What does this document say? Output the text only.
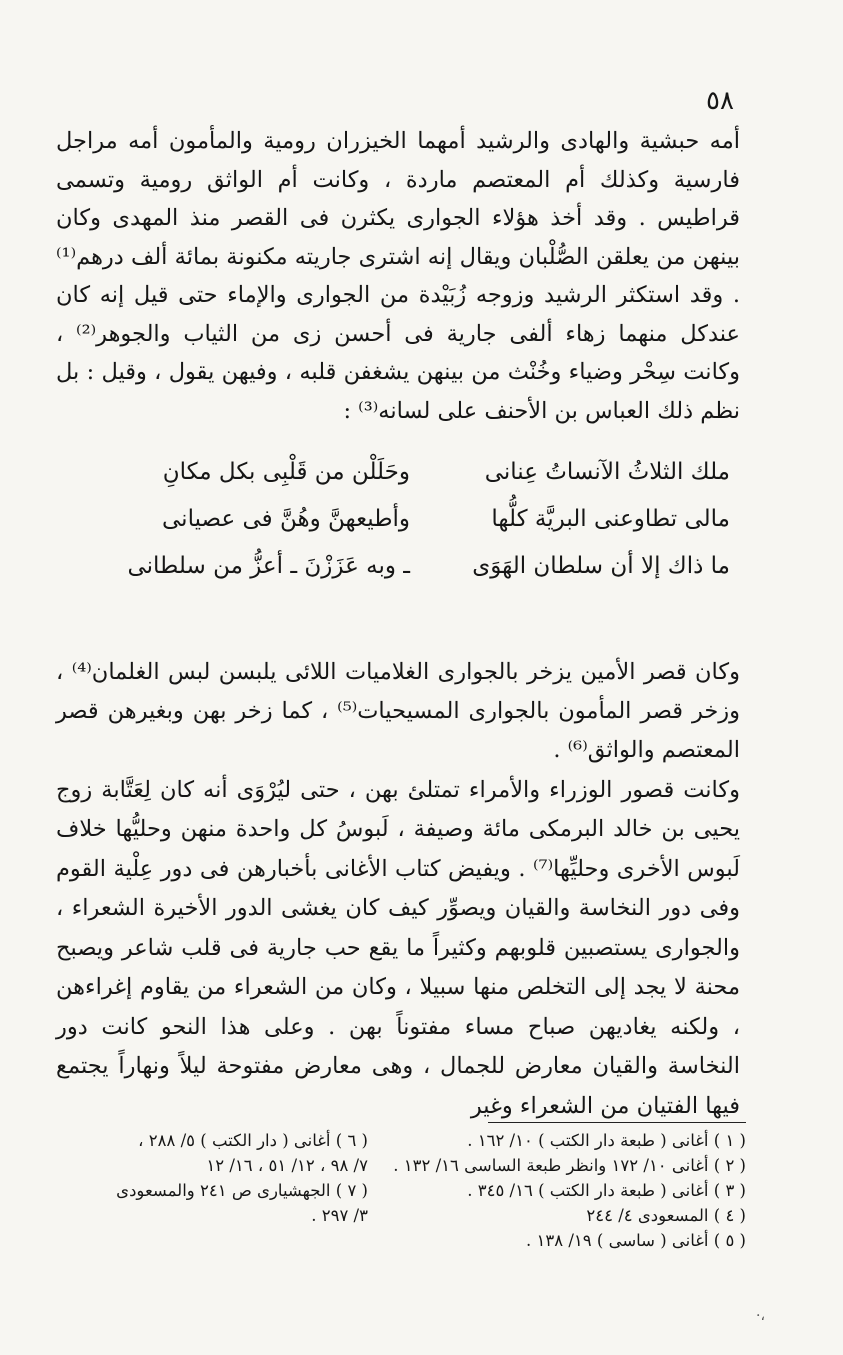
٥٨

أمه حبشية والهادى والرشيد أمهما الخيزران رومية والمأمون أمه مراجل فارسية وكذلك أم المعتصم ماردة ، وكانت أم الواثق رومية وتسمى قراطيس . وقد أخذ هؤلاء الجوارى يكثرن فى القصر منذ المهدى وكان بينهن من يعلقن الصُّلْبان ويقال إنه اشترى جاريته مكنونة بمائة ألف درهم⁽¹⁾ . وقد استكثر الرشيد وزوجه زُبَيْدة من الجوارى والإماء حتى قيل إنه كان عندكل منهما زهاء ألفى جارية فى أحسن زى من الثياب والجوهر⁽²⁾ ، وكانت سِحْر وضياء وخُنْث من بينهن يشغفن قلبه ، وفيهن يقول ، وقيل : بل نظم ذلك العباس بن الأحنف على لسانه⁽³⁾ :

ملك الثلاثُ الآنساتُ عِنانى
وحَلَلْن من قَلْبِى بكل مكانِ
مالى تطاوعنى البريَّة كلُّها
وأطيعهنَّ وهُنَّ فى عصيانى
ما ذاك إلا أن سلطان الهَوَى
ـ وبه عَزَزْنَ ـ أعزُّ من سلطانى

وكان قصر الأمين يزخر بالجوارى الغلاميات اللائى يلبسن لبس الغلمان⁽⁴⁾ ، وزخر قصر المأمون بالجوارى المسيحيات⁽⁵⁾ ، كما زخر بهن وبغيرهن قصر المعتصم والواثق⁽⁶⁾ .

وكانت قصور الوزراء والأمراء تمتلئ بهن ، حتى ليُرْوَى أنه كان لِعَتَّابة زوج يحيى بن خالد البرمكى مائة وصيفة ، لَبوسُ كل واحدة منهن وحليُّها خلاف لَبوس الأخرى وحليِّها⁽⁷⁾ . ويفيض كتاب الأغانى بأخبارهن فى دور عِلْية القوم وفى دور النخاسة والقيان ويصوِّر كيف كان يغشى الدور الأخيرة الشعراء ، والجوارى يستصبين قلوبهم وكثيراً ما يقع حب جارية فى قلب شاعر ويصبح محنة لا يجد إلى التخلص منها سبيلا ، وكان من الشعراء من يقاوم إغراءهن ، ولكنه يغاديهن صباح مساء مفتوناً بهن . وعلى هذا النحو كانت دور النخاسة والقيان معارض للجمال ، وهى معارض مفتوحة ليلاً ونهاراً يجتمع فيها الفتيان من الشعراء وغير

( ١ ) أغانى ( طبعة دار الكتب ) ١٠/ ١٦٢ .
( ٢ ) أغانى ١٠/ ١٧٢ وانظر طبعة الساسى ١٦/ ١٣٢ .
( ٣ ) أغانى ( طبعة دار الكتب ) ١٦/ ٣٤٥ .
( ٤ ) المسعودى ٤/ ٢٤٤
( ٥ ) أغانى ( ساسى ) ١٩/ ١٣٨ .
( ٦ ) أغانى ( دار الكتب ) ٥/ ٢٨٨ ،
٧/ ٩٨ ، ١٢/ ٥١ ، ١٦/ ١٢
( ٧ ) الجهشيارى ص ٢٤١ والمسعودى
٣/ ٢٩٧ .
·،
